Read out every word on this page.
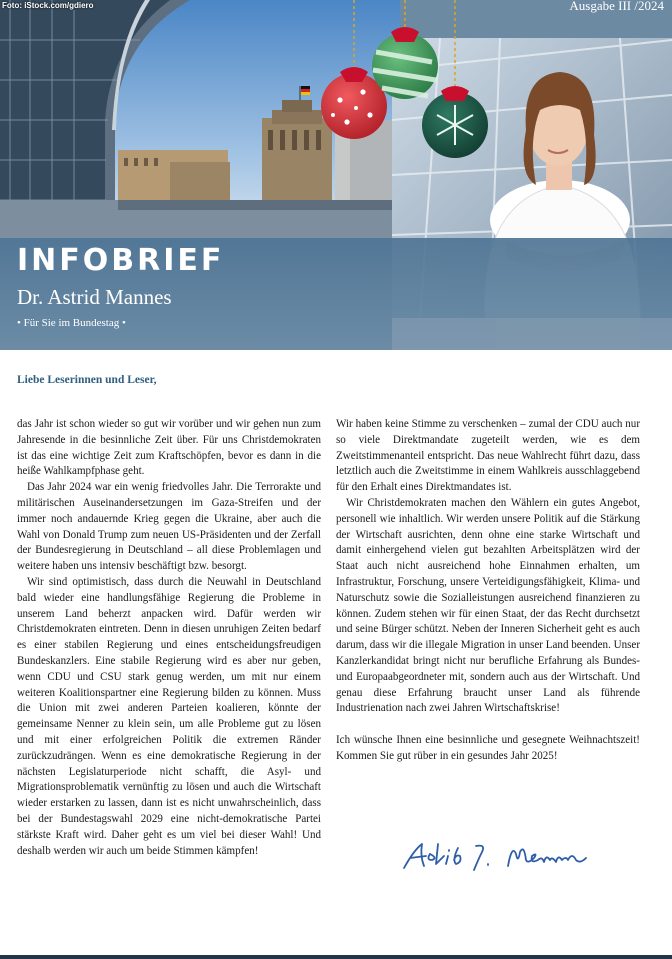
Foto: iStock.com/gdiero	Ausgabe III /2024
INFOBRIEF
Dr. Astrid Mannes
• Für Sie im Bundestag •
Liebe Leserinnen und Leser,

das Jahr ist schon wieder so gut wir vorüber und wir gehen nun zum Jahresende in die besinnliche Zeit über. Für uns Christdemokraten ist das eine wichtige Zeit zum Kraftschöpfen, bevor es dann in die heiße Wahlkampfphase geht.

Das Jahr 2024 war ein wenig friedvolles Jahr. Die Terrorakte und militärischen Auseinandersetzungen im Gaza-Streifen und der immer noch andauernde Krieg gegen die Ukraine, aber auch die Wahl von Donald Trump zum neuen US-Präsidenten und der Zerfall der Bundesregierung in Deutschland – all diese Problemlagen und weitere haben uns intensiv beschäftigt bzw. besorgt.

Wir sind optimistisch, dass durch die Neuwahl in Deutschland bald wieder eine handlungsfähige Regierung die Probleme in unserem Land beherzt anpacken wird. Dafür werden wir Christdemokraten eintreten. Denn in diesen unruhigen Zeiten bedarf es einer stabilen Regierung und eines entscheidungsfreudigen Bundeskanzlers. Eine stabile Regierung wird es aber nur geben, wenn CDU und CSU stark genug werden, um mit nur einem weiteren Koalitionspartner eine Regierung bilden zu können. Muss die Union mit zwei anderen Parteien koalieren, könnte der gemeinsame Nenner zu klein sein, um alle Probleme gut zu lösen und mit einer erfolgreichen Politik die extremen Ränder zurückzudrängen. Wenn es eine demokratische Regierung in der nächsten Legislaturperiode nicht schafft, die Asyl- und Migrationsproblematik vernünftig zu lösen und auch die Wirtschaft wieder erstarken zu lassen, dann ist es nicht unwahrscheinlich, dass bei der Bundestagswahl 2029 eine nicht-demokratische Partei stärkste Kraft wird. Daher geht es um viel bei dieser Wahl! Und deshalb werden wir auch um beide Stimmen kämpfen!

Wir haben keine Stimme zu verschenken – zumal der CDU auch nur so viele Direktmandate zugeteilt werden, wie es dem Zweitstimmenanteil entspricht. Das neue Wahlrecht führt dazu, dass letztlich auch die Zweitstimme in einem Wahlkreis ausschlaggebend für den Erhalt eines Direktmandates ist.

Wir Christdemokraten machen den Wählern ein gutes Angebot, personell wie inhaltlich. Wir werden unsere Politik auf die Stärkung der Wirtschaft ausrichten, denn ohne eine starke Wirtschaft und damit einhergehend vielen gut bezahlten Arbeitsplätzen wird der Staat auch nicht ausreichend hohe Einnahmen erhalten, um Infrastruktur, Forschung, unsere Verteidigungsfähigkeit, Klima- und Naturschutz sowie die Sozialleistungen ausreichend finanzieren zu können. Zudem stehen wir für einen Staat, der das Recht durchsetzt und seine Bürger schützt. Neben der Inneren Sicherheit geht es auch darum, dass wir die illegale Migration in unser Land beenden. Unser Kanzlerkandidat bringt nicht nur berufliche Erfahrung als Bundes- und Europaabgeordneter mit, sondern auch aus der Wirtschaft. Und genau diese Erfahrung braucht unser Land als führende Industrienation nach zwei Jahren Wirtschaftskrise!

Ich wünsche Ihnen eine besinnliche und gesegnete Weihnachtszeit! Kommen Sie gut rüber in ein gesundes Jahr 2025!
